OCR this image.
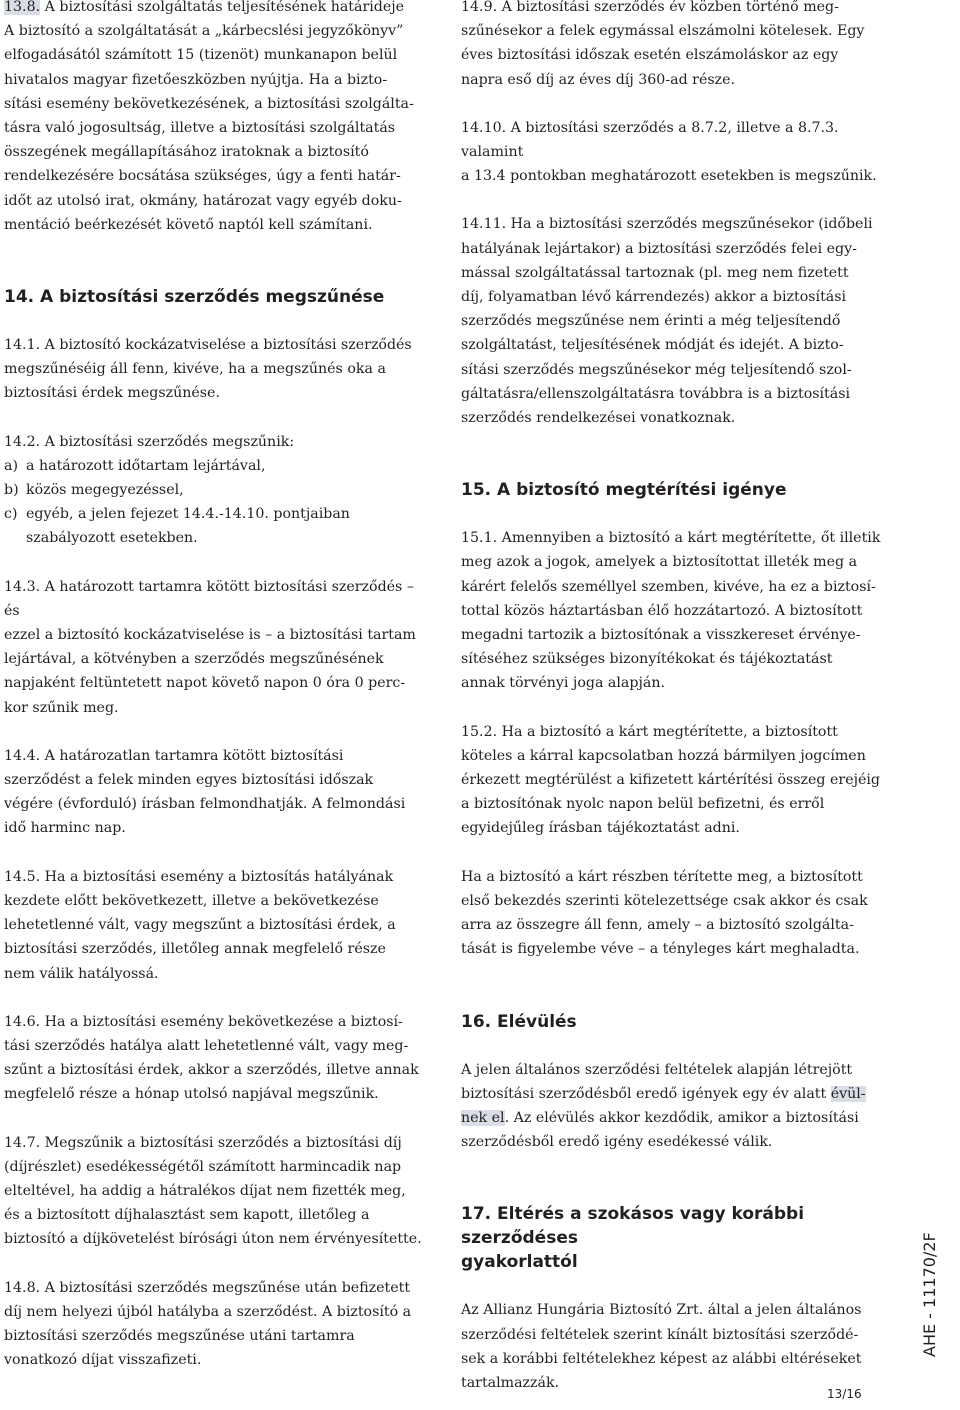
13.8. A biztosítási szolgáltatás teljesítésének határideje
A biztosító a szolgáltatását a „kárbecslési jegyzőkönyv”
elfogadásától számított 15 (tizenöt) munkanapon belül
hivatalos magyar fizetőeszközben nyújtja. Ha a bizto-
sítási esemény bekövetkezésének, a biztosítási szolgálta-
tásra való jogosultság, illetve a biztosítási szolgáltatás
összegének megállapításához iratoknak a biztosító
rendelkezésére bocsátása szükséges, úgy a fenti határ-
időt az utolsó irat, okmány, határozat vagy egyéb doku-
mentáció beérkezését követő naptól kell számítani.

14. A biztosítási szerződés megszűnése

14.1. A biztosító kockázatviselése a biztosítási szerződés
megszűnéséig áll fenn, kivéve, ha a megszűnés oka a
biztosítási érdek megszűnése.

14.2. A biztosítási szerződés megszűnik:

a) a határozott időtartam lejártával,
b) közös megegyezéssel,
c) egyéb, a jelen fejezet 14.4.-14.10. pontjaiban
szabályozott esetekben.

14.3. A határozott tartamra kötött biztosítási szerződés – és
ezzel a biztosító kockázatviselése is – a biztosítási tartam
lejártával, a kötvényben a szerződés megszűnésének
napjaként feltüntetett napot követő napon 0 óra 0 perc-
kor szűnik meg.

14.4. A határozatlan tartamra kötött biztosítási
szerződést a felek minden egyes biztosítási időszak
végére (évforduló) írásban felmondhatják. A felmondási
idő harminc nap.

14.5. Ha a biztosítási esemény a biztosítás hatályának
kezdete előtt bekövetkezett, illetve a bekövetkezése
lehetetlenné vált, vagy megszűnt a biztosítási érdek, a
biztosítási szerződés, illetőleg annak megfelelő része
nem válik hatályossá.

14.6. Ha a biztosítási esemény bekövetkezése a biztosí-
tási szerződés hatálya alatt lehetetlenné vált, vagy meg-
szűnt a biztosítási érdek, akkor a szerződés, illetve annak
megfelelő része a hónap utolsó napjával megszűnik.

14.7. Megszűnik a biztosítási szerződés a biztosítási díj
(díjrészlet) esedékességétől számított harmincadik nap
elteltével, ha addig a hátralékos díjat nem fizették meg,
és a biztosított díjhalasztást sem kapott, illetőleg a
biztosító a díjkövetelést bírósági úton nem érvényesítette.

14.8. A biztosítási szerződés megszűnése után befizetett
díj nem helyezi újból hatályba a szerződést. A biztosító a
biztosítási szerződés megszűnése utáni tartamra
vonatkozó díjat visszafizeti.

14.9. A biztosítási szerződés év közben történő meg-
szűnésekor a felek egymással elszámolni kötelesek. Egy
éves biztosítási időszak esetén elszámoláskor az egy
napra eső díj az éves díj 360-ad része.

14.10. A biztosítási szerződés a 8.7.2, illetve a 8.7.3. valamint
a 13.4 pontokban meghatározott esetekben is megszűnik.

14.11. Ha a biztosítási szerződés megszűnésekor (időbeli
hatályának lejártakor) a biztosítási szerződés felei egy-
mással szolgáltatással tartoznak (pl. meg nem fizetett
díj, folyamatban lévő kárrendezés) akkor a biztosítási
szerződés megszűnése nem érinti a még teljesítendő
szolgáltatást, teljesítésének módját és idejét. A bizto-
sítási szerződés megszűnésekor még teljesítendő szol-
gáltatásra/ellenszolgáltatásra továbbra is a biztosítási
szerződés rendelkezései vonatkoznak.

15. A biztosító megtérítési igénye

15.1. Amennyiben a biztosító a kárt megtérítette, őt illetik
meg azok a jogok, amelyek a biztosítottat illeték meg a
kárért felelős személlyel szemben, kivéve, ha ez a biztosí-
tottal közös háztartásban élő hozzátartozó. A biztosított
megadni tartozik a biztosítónak a visszkereset érvénye-
sítéséhez szükséges bizonyítékokat és tájékoztatást
annak törvényi joga alapján.

15.2. Ha a biztosító a kárt megtérítette, a biztosított
köteles a kárral kapcsolatban hozzá bármilyen jogcímen
érkezett megtérülést a kifizetett kártérítési összeg erejéig
a biztosítónak nyolc napon belül befizetni, és erről
egyidejűleg írásban tájékoztatást adni.

Ha a biztosító a kárt részben térítette meg, a biztosított
első bekezdés szerinti kötelezettsége csak akkor és csak
arra az összegre áll fenn, amely – a biztosító szolgálta-
tását is figyelembe véve – a tényleges kárt meghaladta.

16. Elévülés

A jelen általános szerződési feltételek alapján létrejött
biztosítási szerződésből eredő igények egy év alatt évül-
nek el. Az elévülés akkor kezdődik, amikor a biztosítási
szerződésből eredő igény esedékessé válik.

17. Eltérés a szokásos vagy korábbi szerződéses
gyakorlattól

Az Allianz Hungária Biztosító Zrt. által a jelen általános
szerződési feltételek szerint kínált biztosítási szerződé-
sek a korábbi feltételekhez képest az alábbi eltéréseket
tartalmazzák.

AHE - 11170/2F
13/16
